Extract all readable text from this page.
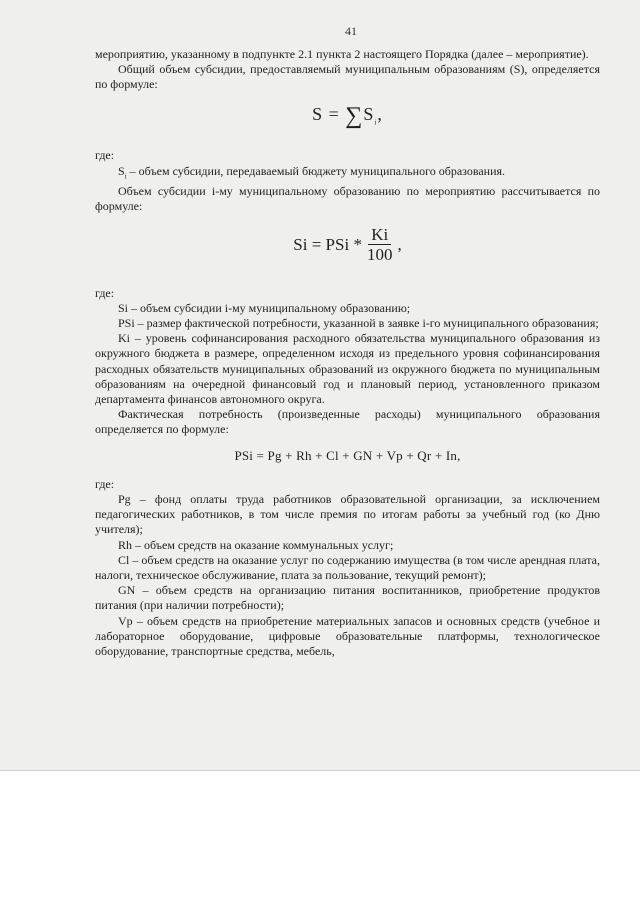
41

мероприятию, указанному в подпункте 2.1 пункта 2 настоящего Порядка (далее – мероприятие).

Общий объем субсидии, предоставляемый муниципальным образованиям (S), определяется по формуле:

$S = \sum S_i$,

где:

$S_i$ – объем субсидии, передаваемый бюджету муниципального образования.

Объем субсидии i-му муниципальному образованию по мероприятию рассчитывается по формуле:

Si = PSi * $\frac{Ki}{100}$ ,

где:

Si – объем субсидии i-му муниципальному образованию;

PSi – размер фактической потребности, указанной в заявке i-го муниципального образования;

Ki – уровень софинансирования расходного обязательства муниципального образования из окружного бюджета в размере, определенном исходя из предельного уровня софинансирования расходных обязательств муниципальных образований из окружного бюджета по муниципальным образованиям на очередной финансовый год и плановый период, установленного приказом департамента финансов автономного округа.

Фактическая потребность (произведенные расходы) муниципального образования определяется по формуле:

PSi = Pg + Rh + Cl + GN + Vp + Qr + In,

где:

Pg – фонд оплаты труда работников образовательной организации, за исключением педагогических работников, в том числе премия по итогам работы за учебный год (ко Дню учителя);

Rh – объем средств на оказание коммунальных услуг;

Cl – объем средств на оказание услуг по содержанию имущества (в том числе арендная плата, налоги, техническое обслуживание, плата за пользование, текущий ремонт);

GN – объем средств на организацию питания воспитанников, приобретение продуктов питания (при наличии потребности);

Vp – объем средств на приобретение материальных запасов и основных средств (учебное и лабораторное оборудование, цифровые образовательные платформы, технологическое оборудование, транспортные средства, мебель,
